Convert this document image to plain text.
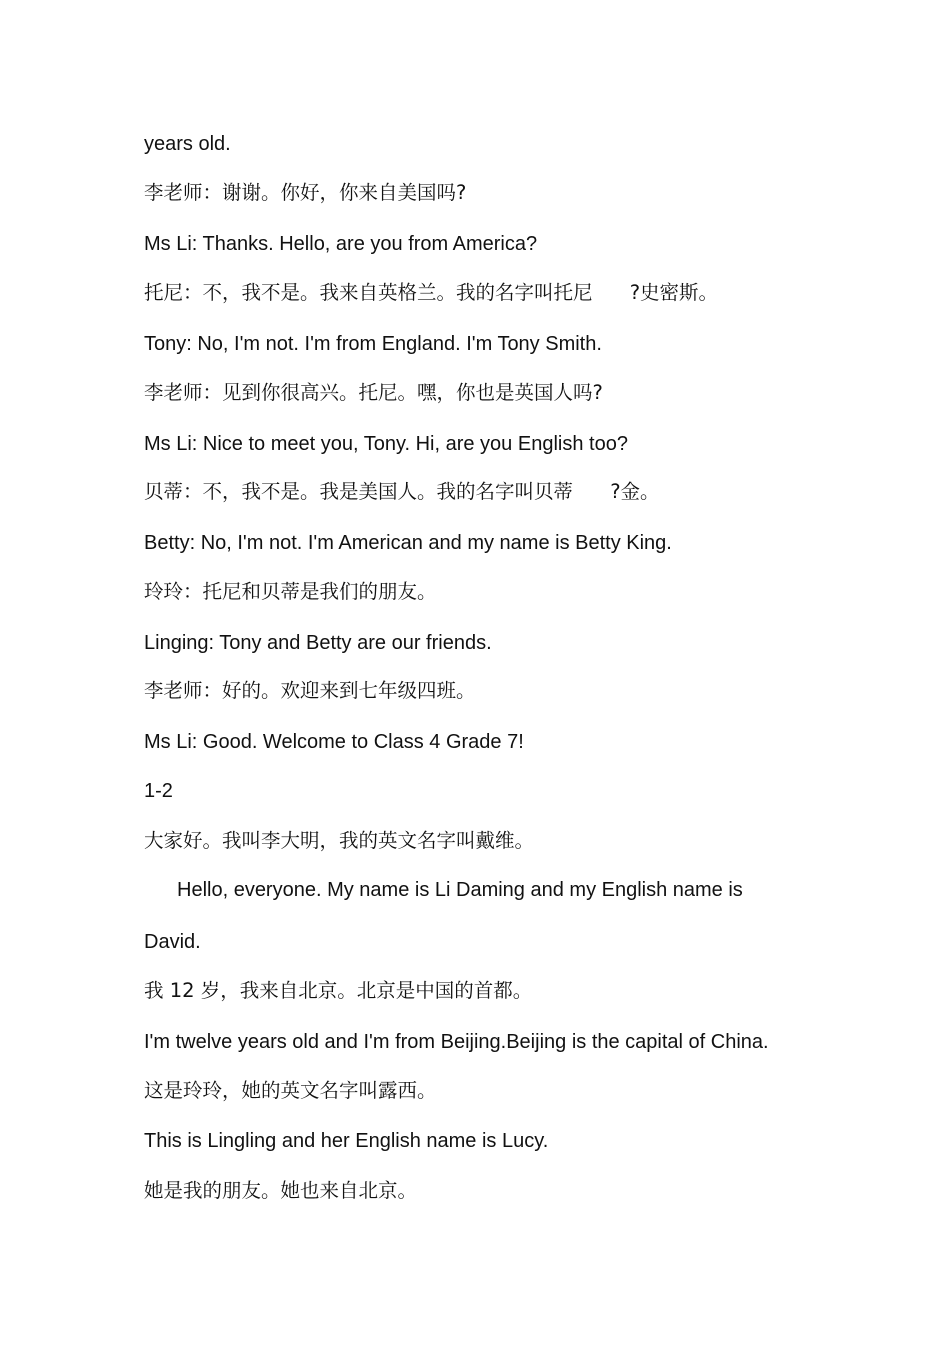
years old.
李老师：谢谢。你好，你来自美国吗?
Ms Li: Thanks. Hello, are you from America?
托尼：不，我不是。我来自英格兰。我的名字叫托尼      ?史密斯。
Tony: No, I'm not. I'm from England. I'm Tony Smith.
李老师：见到你很高兴。托尼。嘿，你也是英国人吗?
Ms Li: Nice to meet you, Tony. Hi, are you English too?
贝蒂：不，我不是。我是美国人。我的名字叫贝蒂      ?金。
Betty: No, I'm not. I'm American and my name is Betty King.
玲玲：托尼和贝蒂是我们的朋友。
Linging: Tony and Betty are our friends.
李老师：好的。欢迎来到七年级四班。
Ms Li: Good. Welcome to Class 4 Grade 7!
1-2
大家好。我叫李大明，我的英文名字叫戴维。
Hello, everyone. My name is Li Daming and my English name is
David.
我 12 岁，我来自北京。北京是中国的首都。
I'm twelve years old and I'm from Beijing.Beijing is the capital of China.
这是玲玲，她的英文名字叫露西。
This is Lingling and her English name is Lucy.
她是我的朋友。她也来自北京。
